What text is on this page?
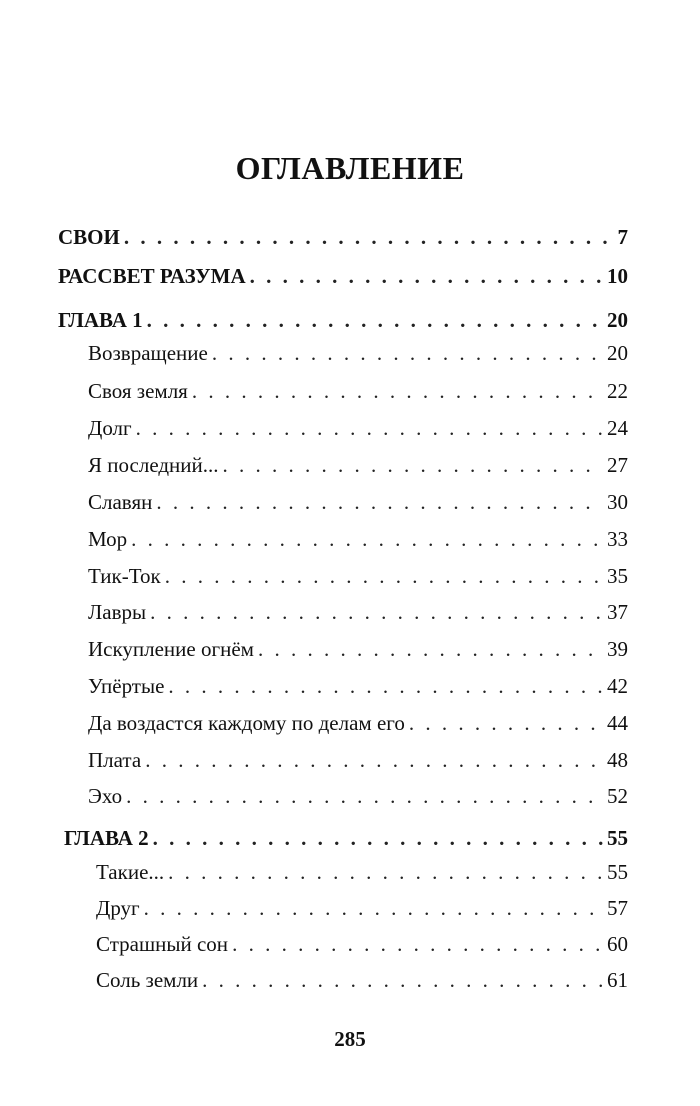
ОГЛАВЛЕНИЕ
СВОИ . . .	7
РАССВЕТ РАЗУМА . . .	10
ГЛАВА 1 . . .	20
Возвращение . . .	20
Своя земля . . .	22
Долг . . .	24
Я последний... . . .	27
Славян . . .	30
Мор . . .	33
Тик-Ток . . .	35
Лавры . . .	37
Искупление огнём . . .	39
Упёртые . . .	42
Да воздастся каждому по делам его . . .	44
Плата . . .	48
Эхо . . .	52
ГЛАВА 2 . . .	55
Такие... . . .	55
Друг . . .	57
Страшный сон . . .	60
Соль земли . . .	61
285
